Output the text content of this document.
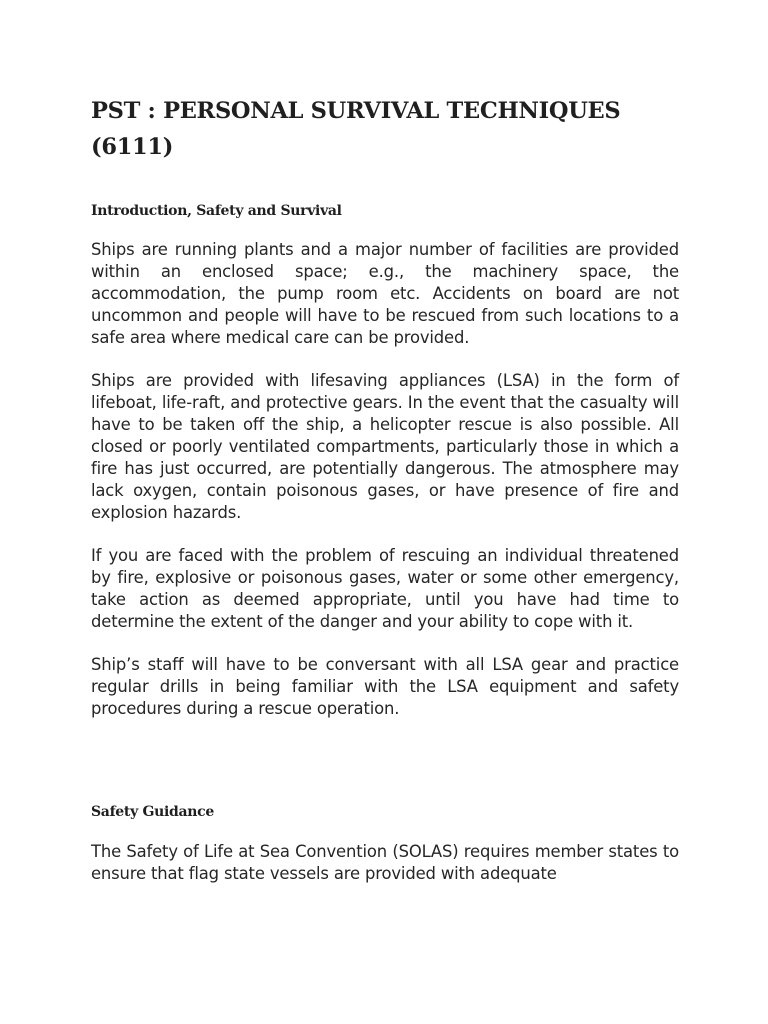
PST : PERSONAL SURVIVAL TECHNIQUES (6111)
Introduction, Safety and Survival

Ships are running plants and a major number of facilities are provided within an enclosed space; e.g., the machinery space, the accommodation, the pump room etc. Accidents on board are not uncommon and people will have to be rescued from such locations to a safe area where medical care can be provided.

Ships are provided with lifesaving appliances (LSA) in the form of lifeboat, life-raft, and protective gears. In the event that the casualty will have to be taken off the ship, a helicopter rescue is also possible. All closed or poorly ventilated compartments, particularly those in which a fire has just occurred, are potentially dangerous. The atmosphere may lack oxygen, contain poisonous gases, or have presence of fire and explosion hazards.

If you are faced with the problem of rescuing an individual threatened by fire, explosive or poisonous gases, water or some other emergency, take action as deemed appropriate, until you have had time to determine the extent of the danger and your ability to cope with it.

Ship’s staff will have to be conversant with all LSA gear and practice regular drills in being familiar with the LSA equipment and safety procedures during a rescue operation.

Safety Guidance

The Safety of Life at Sea Convention (SOLAS) requires member states to ensure that flag state vessels are provided with adequate
